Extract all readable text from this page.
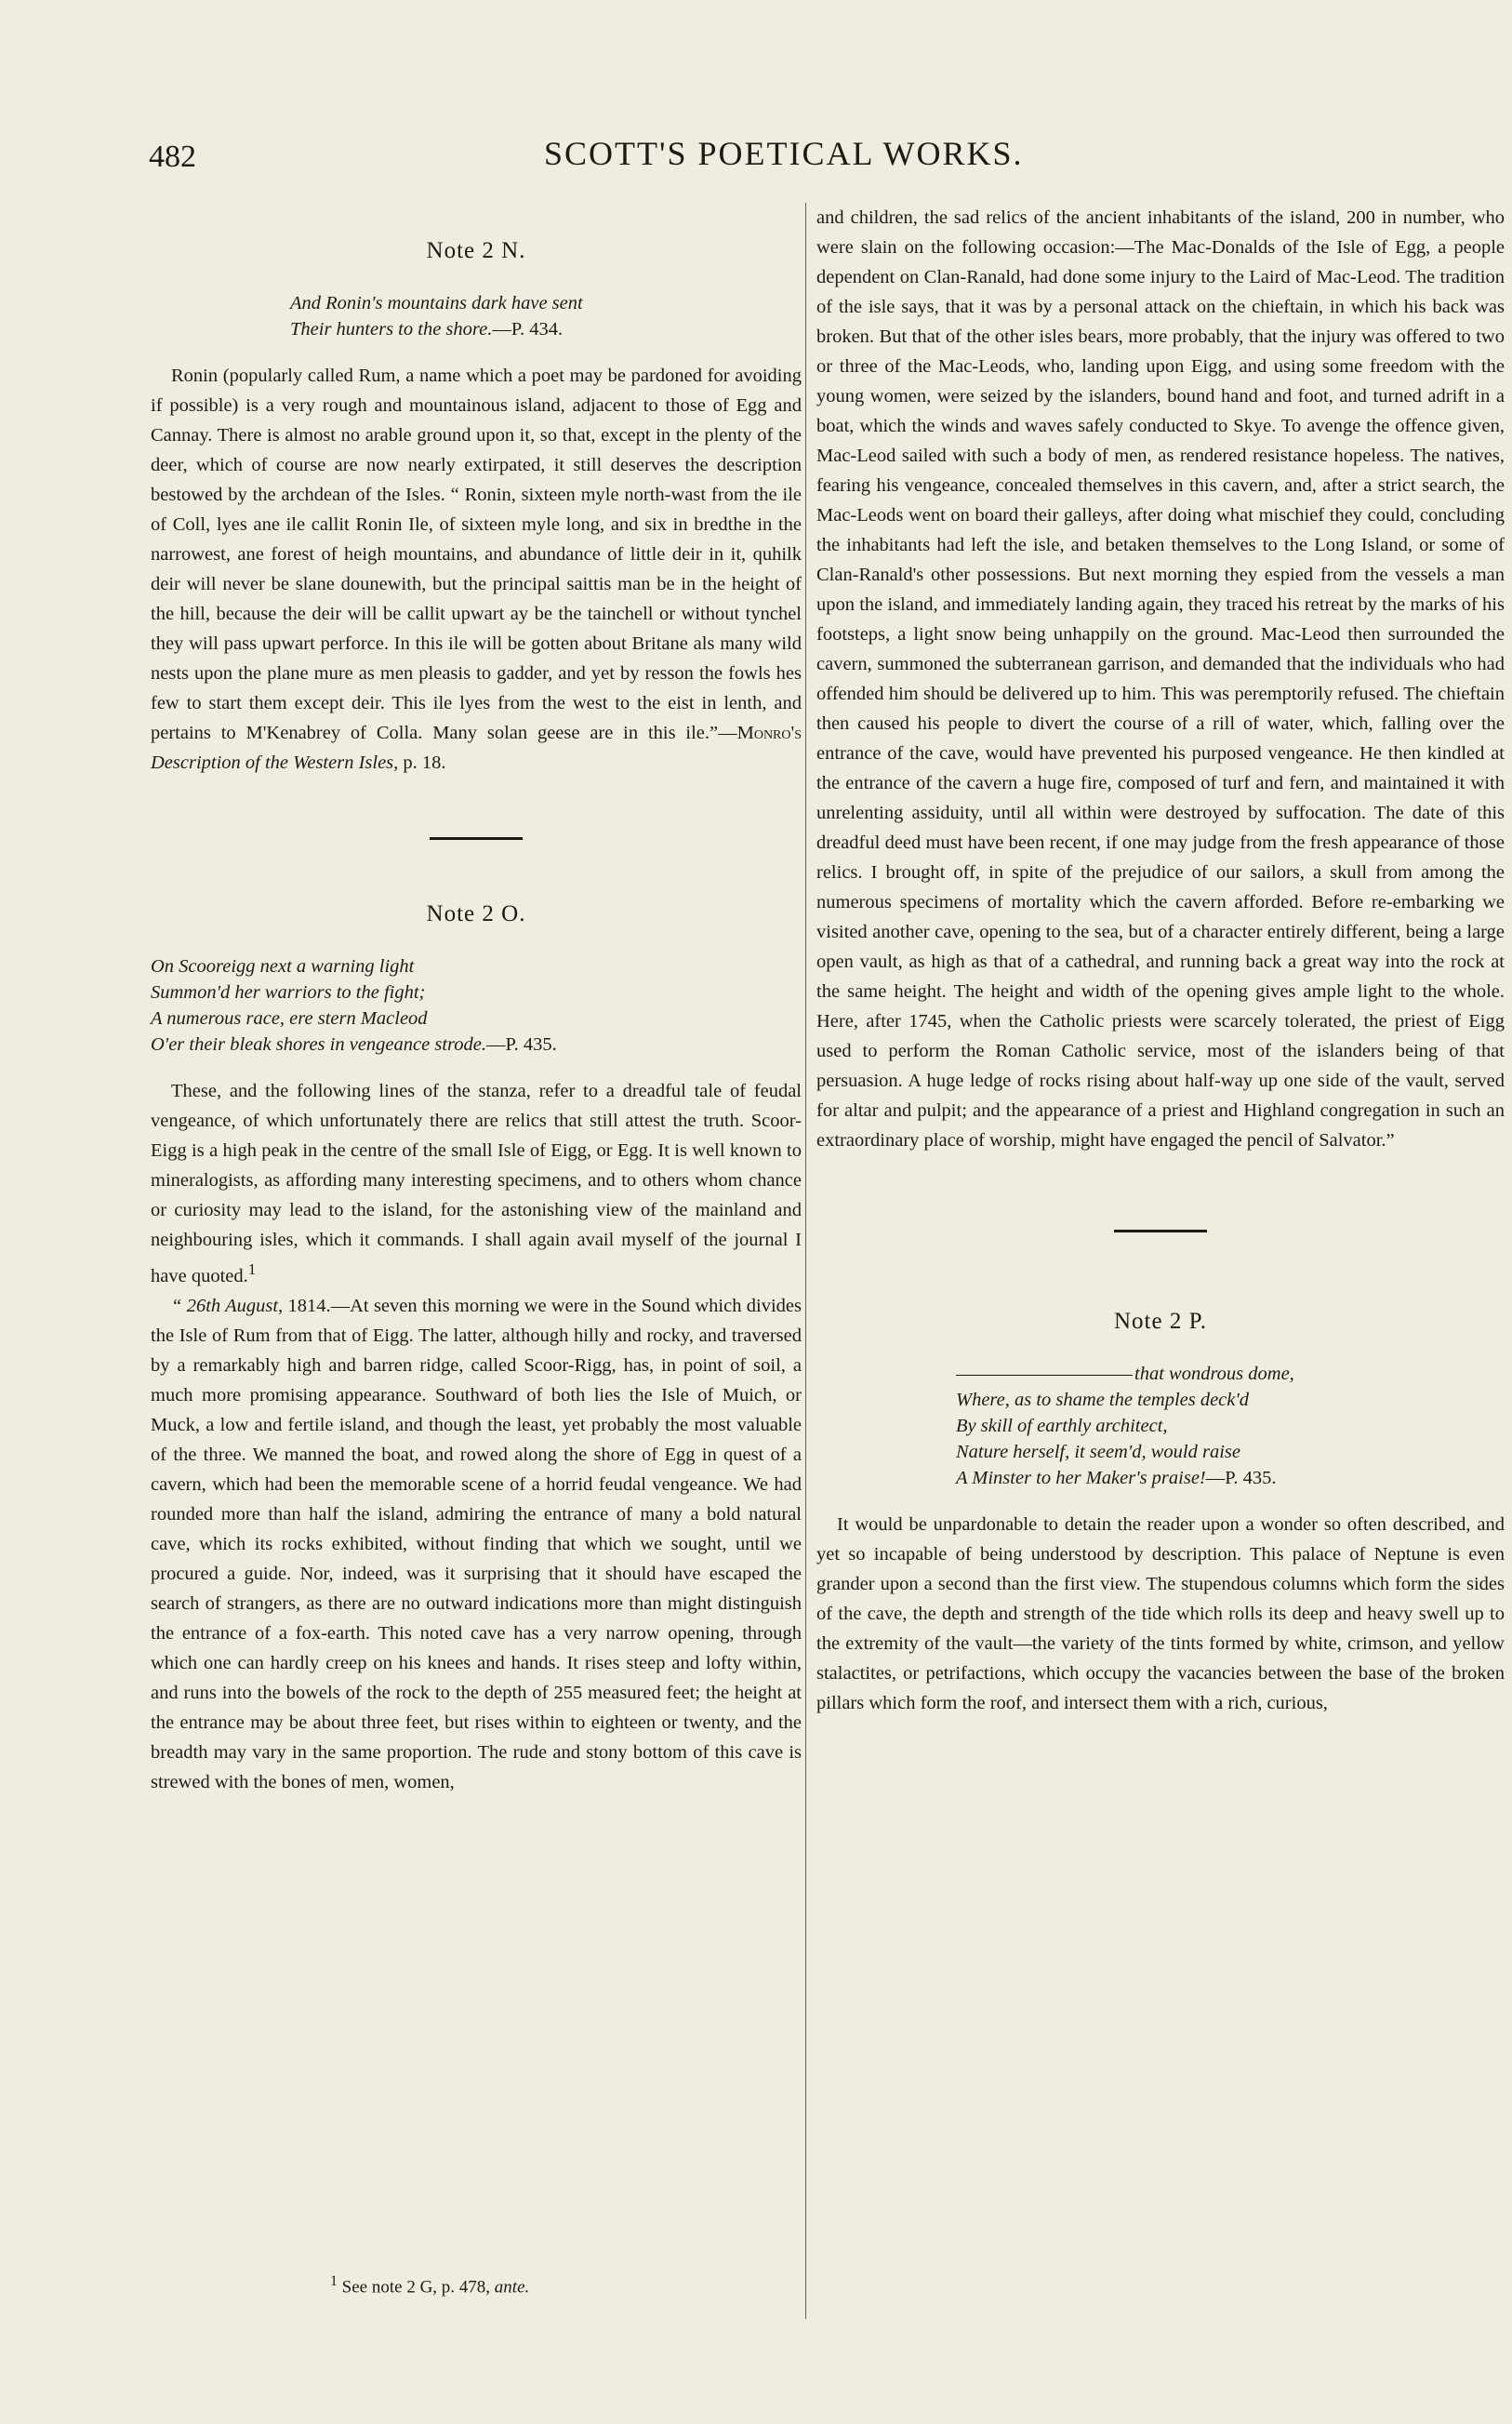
482	SCOTT'S POETICAL WORKS.
Note 2 N.
And Ronin's mountains dark have sent
Their hunters to the shore.—P. 434.

Ronin (popularly called Rum, a name which a poet may be pardoned for avoiding if possible) is a very rough and mountainous island, adjacent to those of Egg and Cannay. There is almost no arable ground upon it, so that, except in the plenty of the deer, which of course are now nearly extirpated, it still deserves the description bestowed by the archdean of the Isles. “ Ronin, sixteen myle north-wast from the ile of Coll, lyes ane ile callit Ronin Ile, of sixteen myle long, and six in bredthe in the narrowest, ane forest of heigh mountains, and abundance of little deir in it, quhilk deir will never be slane dounewith, but the principal saittis man be in the height of the hill, because the deir will be callit upwart ay be the tainchell or without tynchel they will pass upwart perforce. In this ile will be gotten about Britane als many wild nests upon the plane mure as men pleasis to gadder, and yet by resson the fowls hes few to start them except deir. This ile lyes from the west to the eist in lenth, and pertains to M'Kenabrey of Colla. Many solan geese are in this ile.”—Monro's Description of the Western Isles, p. 18.

Note 2 O.
On Scooreigg next a warning light
Summon'd her warriors to the fight;
A numerous race, ere stern Macleod
O'er their bleak shores in vengeance strode.—P. 435.

These, and the following lines of the stanza, refer to a dreadful tale of feudal vengeance, of which unfortunately there are relics that still attest the truth. Scoor-Eigg is a high peak in the centre of the small Isle of Eigg, or Egg. It is well known to mineralogists, as affording many interesting specimens, and to others whom chance or curiosity may lead to the island, for the astonishing view of the mainland and neighbouring isles, which it commands. I shall again avail myself of the journal I have quoted.$^1$

“ 26th August, 1814.—At seven this morning we were in the Sound which divides the Isle of Rum from that of Eigg. The latter, although hilly and rocky, and traversed by a remarkably high and barren ridge, called Scoor-Rigg, has, in point of soil, a much more promising appearance. Southward of both lies the Isle of Muich, or Muck, a low and fertile island, and though the least, yet probably the most valuable of the three. We manned the boat, and rowed along the shore of Egg in quest of a cavern, which had been the memorable scene of a horrid feudal vengeance. We had rounded more than half the island, admiring the entrance of many a bold natural cave, which its rocks exhibited, without finding that which we sought, until we procured a guide. Nor, indeed, was it surprising that it should have escaped the search of strangers, as there are no outward indications more than might distinguish the entrance of a fox-earth. This noted cave has a very narrow opening, through which one can hardly creep on his knees and hands. It rises steep and lofty within, and runs into the bowels of the rock to the depth of 255 measured feet; the height at the entrance may be about three feet, but rises within to eighteen or twenty, and the breadth may vary in the same proportion. The rude and stony bottom of this cave is strewed with the bones of men, women,

and children, the sad relics of the ancient inhabitants of the island, 200 in number, who were slain on the following occasion:—The Mac-Donalds of the Isle of Egg, a people dependent on Clan-Ranald, had done some injury to the Laird of Mac-Leod. The tradition of the isle says, that it was by a personal attack on the chieftain, in which his back was broken. But that of the other isles bears, more probably, that the injury was offered to two or three of the Mac-Leods, who, landing upon Eigg, and using some freedom with the young women, were seized by the islanders, bound hand and foot, and turned adrift in a boat, which the winds and waves safely conducted to Skye. To avenge the offence given, Mac-Leod sailed with such a body of men, as rendered resistance hopeless. The natives, fearing his vengeance, concealed themselves in this cavern, and, after a strict search, the Mac-Leods went on board their galleys, after doing what mischief they could, concluding the inhabitants had left the isle, and betaken themselves to the Long Island, or some of Clan-Ranald's other possessions. But next morning they espied from the vessels a man upon the island, and immediately landing again, they traced his retreat by the marks of his footsteps, a light snow being unhappily on the ground. Mac-Leod then surrounded the cavern, summoned the subterranean garrison, and demanded that the individuals who had offended him should be delivered up to him. This was peremptorily refused. The chieftain then caused his people to divert the course of a rill of water, which, falling over the entrance of the cave, would have prevented his purposed vengeance. He then kindled at the entrance of the cavern a huge fire, composed of turf and fern, and maintained it with unrelenting assiduity, until all within were destroyed by suffocation. The date of this dreadful deed must have been recent, if one may judge from the fresh appearance of those relics. I brought off, in spite of the prejudice of our sailors, a skull from among the numerous specimens of mortality which the cavern afforded. Before re-embarking we visited another cave, opening to the sea, but of a character entirely different, being a large open vault, as high as that of a cathedral, and running back a great way into the rock at the same height. The height and width of the opening gives ample light to the whole. Here, after 1745, when the Catholic priests were scarcely tolerated, the priest of Eigg used to perform the Roman Catholic service, most of the islanders being of that persuasion. A huge ledge of rocks rising about half-way up one side of the vault, served for altar and pulpit; and the appearance of a priest and Highland congregation in such an extraordinary place of worship, might have engaged the pencil of Salvator.”

Note 2 P.
that wondrous dome,
Where, as to shame the temples deck'd
By skill of earthly architect,
Nature herself, it seem'd, would raise
A Minster to her Maker's praise!—P. 435.

It would be unpardonable to detain the reader upon a wonder so often described, and yet so incapable of being understood by description. This palace of Neptune is even grander upon a second than the first view. The stupendous columns which form the sides of the cave, the depth and strength of the tide which rolls its deep and heavy swell up to the extremity of the vault—the variety of the tints formed by white, crimson, and yellow stalactites, or petrifactions, which occupy the vacancies between the base of the broken pillars which form the roof, and intersect them with a rich, curious,

$^1$ See note 2 G, p. 478, ante.
